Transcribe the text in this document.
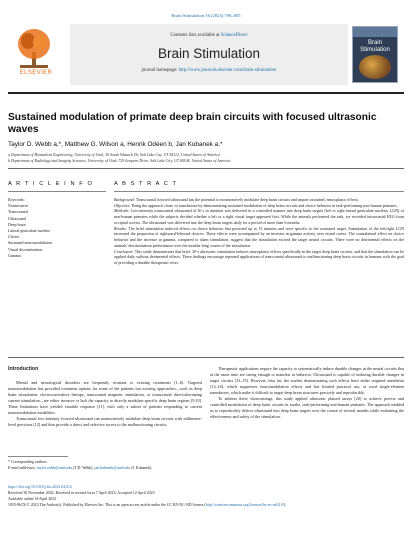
Brain Stimulation 16 (2023) 798–805
ELSEVIER
Contents lists available at ScienceDirect
Brain Stimulation
journal homepage: http://www.journals.elsevier.com/brain-stimulation
Brain Stimulation
Sustained modulation of primate deep brain circuits with focused ultrasonic waves
Taylor D. Webb a,*, Matthew G. Wilson a, Henrik Odéen b, Jan Kubanek a,*
a Department of Biomedical Engineering, University of Utah, 36 South Wasatch Dr, Salt Lake City, UT 84112, United States of America
b Department of Radiology and Imaging Sciences, University of Utah, 729 Arapeen Drive, Salt Lake City, UT 84108, United States of America
A R T I C L E I N F O	A B S T R A C T
Keywords:
Noninvasive
Transcranial
Ultrasound
Deep brain
Lateral geniculate nucleus
Choice
Sustained neuromodulation
Visual discrimination
Gamma

Background: Transcranial focused ultrasound has the potential to noninvasively modulate deep brain circuits and impart sustained, neuroplastic effects.

Objective: Bring the approach closer to translations by demonstrating sustained modulation of deep brain circuits and choice behavior in task-performing non-human primates.

Methods: Low-intensity transcranial ultrasound of 30 s in duration was delivered in a controlled manner into deep brain targets (left or right lateral geniculate nucleus; LGN) of non-human primates while the subjects decided whether a left or a right visual target appeared first. While the animals performed the task, we recorded intracranial EEG from occipital screws. The ultrasound was delivered into the deep brain targets daily for a period of more than 6 months.

Results: The brief stimulation induced effects on choice behavior that persisted up to 15 minutes and were specific to the sonicated target. Stimulation of the left/right LGN increased the proportion of rightward/leftward choices. These effects were accompanied by an increase in gamma activity over visual cortex. The contralateral effect on choice behavior and the increase in gamma, compared to sham stimulation, suggest that the stimulation excited the target neural circuits. There were no detrimental effects on the animals' discrimination performance over the months-long course of the stimulation.

Conclusion: This study demonstrates that brief, 30-s ultrasonic stimulation induces neuroplastic effects specifically in the target deep brain circuits, and that the stimulation can be applied daily without detrimental effects. These findings encourage repeated applications of transcranial ultrasound to malfunctioning deep brain circuits in humans with the goal of providing a durable therapeutic reset.

Introduction

Mental and neurological disorders are frequently resistant to existing treatments [1–6]. Targeted neuromodulation has provided treatment options for some of the patients but existing approaches—such as deep brain stimulation, electroconvulsive therapy, transcranial magnetic stimulation, or transcranial direct/alternating current stimulation—are either invasive or lack the capacity to directly modulate specific deep brain regions [9,10]. These limitations have yielded variable response [11], with only a subset of patients responding to current neuromodulation modalities.

Transcranial low-intensity focused ultrasound can noninvasively modulate deep brain circuits with millimeter-level precision [12] and thus provide a direct and selective access to the malfunctioning circuits.

Therapeutic applications require the capacity to systematically induce durable changes in the neural circuits that at the same time are strong enough to manifest in behavior. Ultrasound is capable of inducing durable changes in target circuits [13–19]. However, thus far, the studies demonstrating such effects have either required anesthesia [13–16], which suppresses neuromodulation effects and has limited practical use, or used single-element transducers, which make it difficult to target deep brain structures precisely and reproducibly.

To address these shortcomings, this study applied ultrasonic phased arrays [20] to achieve precise and controlled modulation of deep brain circuits in awake, task-performing non-human primates. The approach enabled us to reproducibly deliver ultrasound into deep brain targets over the course of several months while evaluating the effectiveness and safety of the stimulation.

* Corresponding authors.
E-mail addresses: taylor.webb@utah.edu (T.D. Webb), jan.kubanek@utah.edu (J. Kubanek).
https://doi.org/10.1016/j.brs.2023.04.012
Received 30 November 2022; Received in revised form 7 April 2023; Accepted 12 April 2023
Available online 18 April 2023
1935-861X/© 2023 The Author(s). Published by Elsevier Inc. This is an open access article under the CC BY-NC-ND license (http://creativecommons.org/licenses/by-nc-nd/4.0/).
